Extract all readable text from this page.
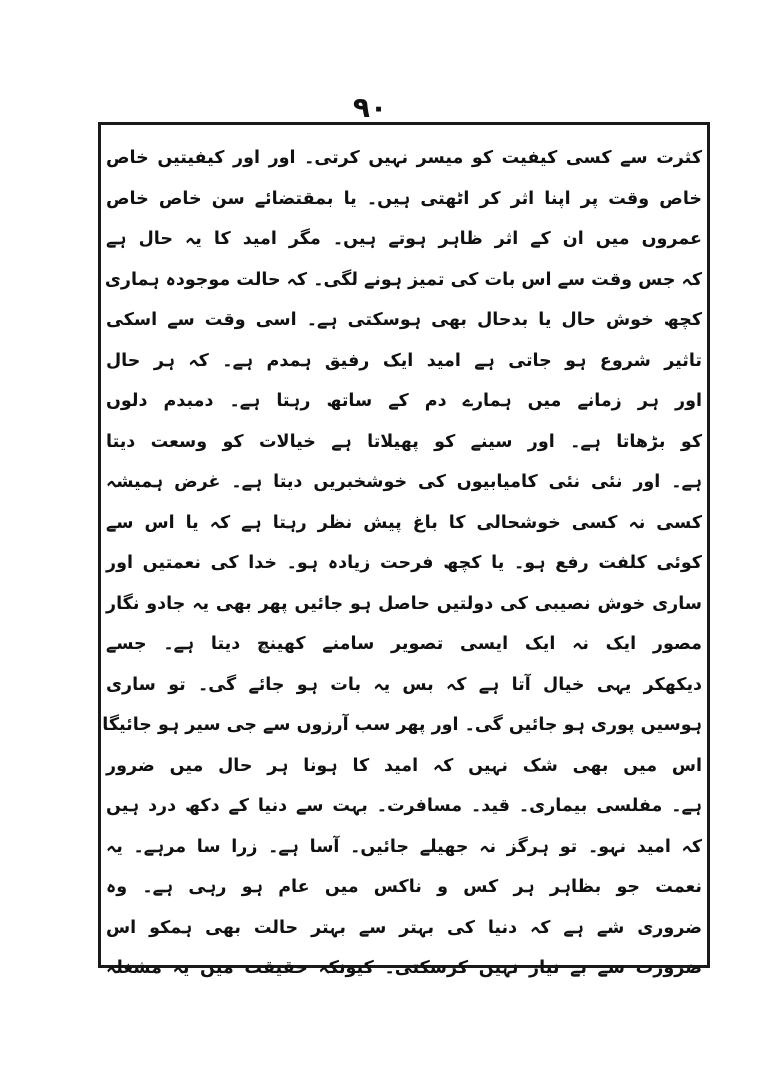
۹۰
کثرت سے کسی کیفیت کو میسر نہیں کرتی۔ اور اور کیفیتیں خاص
خاص وقت پر اپنا اثر کر اٹھتی ہیں۔ یا بمقتضائے سن خاص خاص
عمروں میں ان کے اثر ظاہر ہوتے ہیں۔ مگر امید کا یہ حال ہے
کہ جس وقت سے اس بات کی تمیز ہونے لگی۔ کہ حالت موجودہ ہماری
کچھ خوش حال یا بدحال بھی ہوسکتی ہے۔ اسی وقت سے اسکی
تاثیر شروع ہو جاتی ہے امید ایک رفیق ہمدم ہے۔ کہ ہر حال
اور ہر زمانے میں ہمارے دم کے ساتھ رہتا ہے۔ دمبدم دلوں
کو بڑھاتا ہے۔ اور سینے کو پھیلاتا ہے خیالات کو وسعت دیتا
ہے۔ اور نئی نئی کامیابیوں کی خوشخبریں دیتا ہے۔ غرض ہمیشہ
کسی نہ کسی خوشحالی کا باغ پیش نظر رہتا ہے کہ یا اس سے
کوئی کلفت رفع ہو۔ یا کچھ فرحت زیادہ ہو۔ خدا کی نعمتیں اور
ساری خوش نصیبی کی دولتیں حاصل ہو جائیں پھر بھی یہ جادو نگار
مصور ایک نہ ایک ایسی تصویر سامنے کھینچ دیتا ہے۔ جسے
دیکھکر یہی خیال آتا ہے کہ بس یہ بات ہو جائے گی۔ تو ساری
ہوسیں پوری ہو جائیں گی۔ اور پھر سب آرزوں سے جی سیر ہو جائیگا
اس میں بھی شک نہیں کہ امید کا ہونا ہر حال میں ضرور
ہے۔ مفلسی بیماری۔ قید۔ مسافرت۔ بہت سے دنیا کے دکھ درد ہیں
کہ امید نہو۔ تو ہرگز نہ جھیلے جائیں۔ آسا ہے۔ زرا سا مرہے۔ یہ
نعمت جو بظاہر ہر کس و ناکس میں عام ہو رہی ہے۔ وہ
ضروری شے ہے کہ دنیا کی بہتر سے بہتر حالت بھی ہمکو اس
ضرورت سے بے نیاز نہیں کرسکتی۔ کیونکہ حقیقت میں یہ مشغلہ
